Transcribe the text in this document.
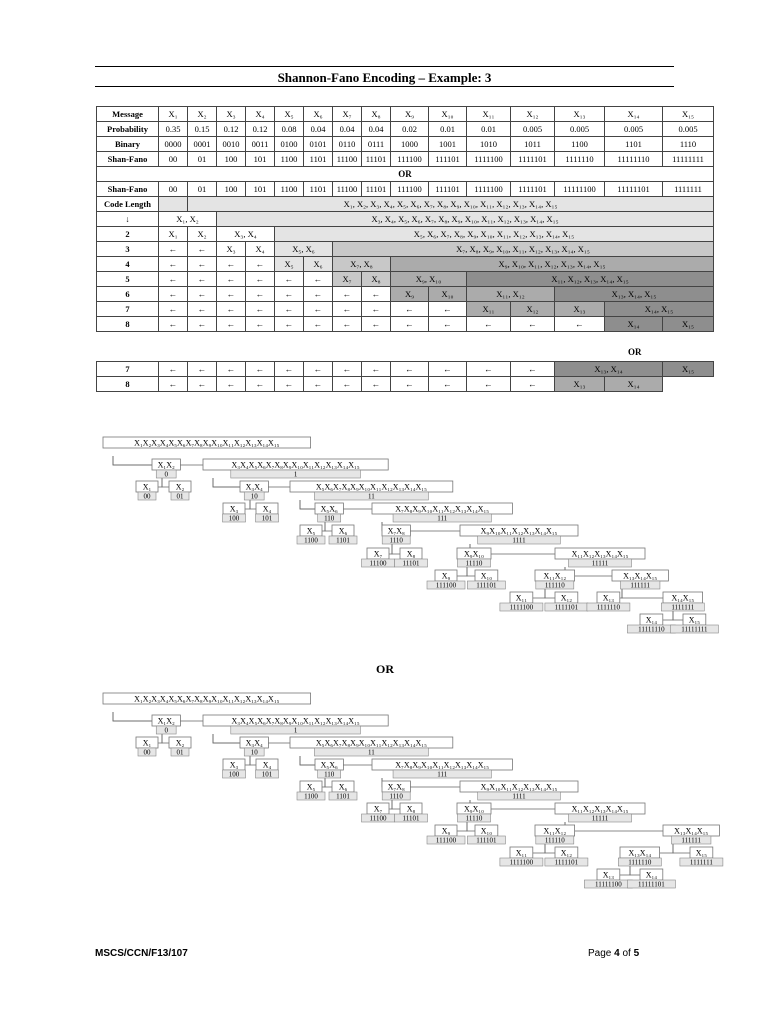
Shannon-Fano Encoding – Example: 3
Message	X₁	X₂	X₃	X₄	X₅	X₆	X₇	X₈	X₉	X₁₀	X₁₁	X₁₂	X₁₃	X₁₄	X₁₅
Probability	0.35	0.15	0.12	0.12	0.08	0.04	0.04	0.04	0.02	0.01	0.01	0.005	0.005	0.005	0.005
Binary	0000	0001	0010	0011	0100	0101	0110	0111	1000	1001	1010	1011	1100	1101	1110
Shan-Fano	00	01	100	101	1100	1101	11100	11101	111100	111101	1111100	1111101	1111110	11111110	11111111
OR															
Shan-Fano	00	01	100	101	1100	1101	11100	11101	111100	111101	1111100	1111101	11111100	11111101	1111111
Code Length		X₁, X₂, X₃, X₄, X₅, X₆, X₇, X₈, X₉, X₁₀, X₁₁, X₁₂, X₁₃, X₁₄, X₁₅													
↓	X₁, X₂		X₃, X₄, X₅, X₆, X₇, X₈, X₉, X₁₀, X₁₁, X₁₂, X₁₃, X₁₄, X₁₅												
2	X₁	X₂	X₃, X₄		X₅, X₆, X₇, X₈, X₉, X₁₀, X₁₁, X₁₂, X₁₃, X₁₄, X₁₅										
3	←	←	X₃	X₄	X₅, X₆		X₇, X₈, X₉, X₁₀, X₁₁, X₁₂, X₁₃, X₁₄, X₁₅								
4	←	←	←	←	X₅	X₆	X₇, X₈		X₉, X₁₀, X₁₁, X₁₂, X₁₃, X₁₄, X₁₅						
5	←	←	←	←	←	←	X₇	X₈	X₉, X₁₀		X₁₁, X₁₂, X₁₃, X₁₄, X₁₅				
6	←	←	←	←	←	←	←	←	X₉	X₁₀	X₁₁, X₁₂		X₁₃, X₁₄, X₁₅		
7	←	←	←	←	←	←	←	←	←	←	X₁₁	X₁₂	X₁₃	X₁₄, X₁₅	
8	←	←	←	←	←	←	←	←	←	←	←	←	←	X₁₄	X₁₅
OR
7	←	←	←	←	←	←	←	←	←	←	←	←	X₁₃, X₁₄		X₁₅
8	←	←	←	←	←	←	←	←	←	←	←	←	X₁₃	X₁₄	
X₁X₂X₃X₄X₅X₆X₇X₈X₉X₁₀X₁₁X₁₂X₁₃X₁₄X₁₅
X₁X₂
0
X₃X₄X₅X₆X₇X₈X₉X₁₀X₁₁X₁₂X₁₃X₁₄X₁₅
1
X₁
00
X₂
01
X₃X₄
10
X₅X₆X₇X₈X₉X₁₀X₁₁X₁₂X₁₃X₁₄X₁₅
11
X₃
100
X₄
101
X₅X₆
110
X₇X₈X₉X₁₀X₁₁X₁₂X₁₃X₁₄X₁₅
111
X₅
1100
X₆
1101
X₇X₈
1110
X₉X₁₀X₁₁X₁₂X₁₃X₁₄X₁₅
1111
X₇
11100
X₈
11101
X₉X₁₀
11110
X₁₁X₁₂X₁₃X₁₄X₁₅
11111
X₉
111100
X₁₀
111101
X₁₁X₁₂
111110
X₁₃X₁₄X₁₅
111111
X₁₁
1111100
X₁₂
1111101
X₁₃
1111110
X₁₄X₁₅
1111111
X₁₄
11111110
X₁₅
11111111
OR
X₁X₂X₃X₄X₅X₆X₇X₈X₉X₁₀X₁₁X₁₂X₁₃X₁₄X₁₅
X₁X₂
0
X₃X₄X₅X₆X₇X₈X₉X₁₀X₁₁X₁₂X₁₃X₁₄X₁₅
1
X₁
00
X₂
01
X₃X₄
10
X₅X₆X₇X₈X₉X₁₀X₁₁X₁₂X₁₃X₁₄X₁₅
11
X₃
100
X₄
101
X₅X₆
110
X₇X₈X₉X₁₀X₁₁X₁₂X₁₃X₁₄X₁₅
111
X₅
1100
X₆
1101
X₇X₈
1110
X₉X₁₀X₁₁X₁₂X₁₃X₁₄X₁₅
1111
X₇
11100
X₈
11101
X₉X₁₀
11110
X₁₁X₁₂X₁₃X₁₄X₁₅
11111
X₉
111100
X₁₀
111101
X₁₁X₁₂
111110
X₁₃X₁₄X₁₅
111111
X₁₁
1111100
X₁₂
1111101
X₁₃X₁₄
1111110
X₁₅
1111111
X₁₃
11111100
X₁₄
11111101
MSCS/CCN/F13/107	Page 4 of 5
